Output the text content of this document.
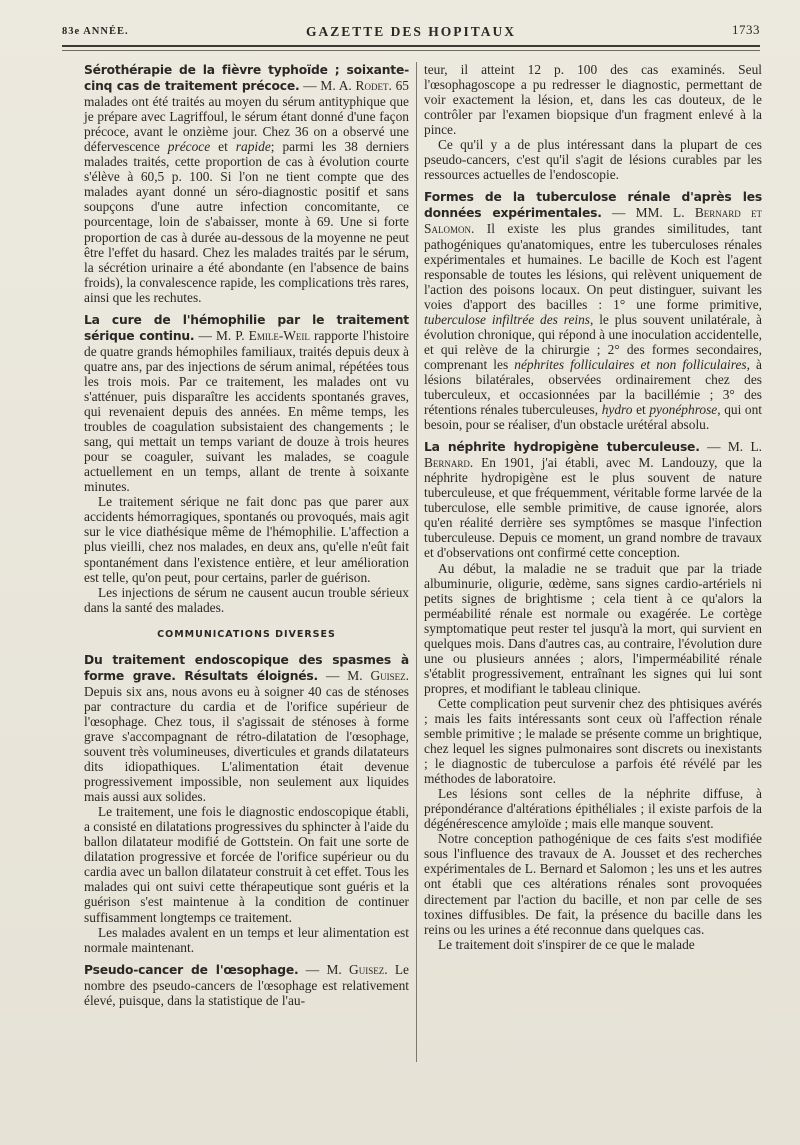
83e ANNÉE.	GAZETTE DES HOPITAUX	1733

Sérothérapie de la fièvre typhoïde ; soixante-cinq cas de traitement précoce. — M. A. Rodet. 65 malades ont été traités au moyen du sérum antityphique que je prépare avec Lagriffoul, le sérum étant donné d'une façon précoce, avant le onzième jour. Chez 36 on a observé une défervescence précoce et rapide; parmi les 38 derniers malades traités, cette proportion de cas à évolution courte s'élève à 60,5 p. 100. Si l'on ne tient compte que des malades ayant donné un séro-diagnostic positif et sans soupçons d'une autre infection concomitante, ce pourcentage, loin de s'abaisser, monte à 69. Une si forte proportion de cas à durée au-dessous de la moyenne ne peut être l'effet du hasard. Chez les malades traités par le sérum, la sécrétion urinaire a été abondante (en l'absence de bains froids), la convalescence rapide, les complications très rares, ainsi que les rechutes.

La cure de l'hémophilie par le traitement sérique continu. — M. P. Emile-Weil rapporte l'histoire de quatre grands hémophiles familiaux, traités depuis deux à quatre ans, par des injections de sérum animal, répétées tous les trois mois. Par ce traitement, les malades ont vu s'atténuer, puis disparaître les accidents spontanés graves, qui revenaient depuis des années. En même temps, les troubles de coagulation subsistaient des changements ; le sang, qui mettait un temps variant de douze à trois heures pour se coaguler, suivant les malades, se coagule actuellement en un temps, allant de trente à soixante minutes.

Le traitement sérique ne fait donc pas que parer aux accidents hémorragiques, spontanés ou provoqués, mais agit sur le vice diathésique même de l'hémophilie. L'affection a plus vieilli, chez nos malades, en deux ans, qu'elle n'eût fait spontanément dans l'existence entière, et leur amélioration est telle, qu'on peut, pour certains, parler de guérison.

Les injections de sérum ne causent aucun trouble sérieux dans la santé des malades.

COMMUNICATIONS DIVERSES

Du traitement endoscopique des spasmes à forme grave. Résultats éloignés. — M. Guisez. Depuis six ans, nous avons eu à soigner 40 cas de sténoses par contracture du cardia et de l'orifice supérieur de l'œsophage. Chez tous, il s'agissait de sténoses à forme grave s'accompagnant de rétro-dilatation de l'œsophage, souvent très volumineuses, diverticules et grands dilatateurs dits idiopathiques. L'alimentation était devenue progressivement impossible, non seulement aux liquides mais aussi aux solides.

Le traitement, une fois le diagnostic endoscopique établi, a consisté en dilatations progressives du sphincter à l'aide du ballon dilatateur modifié de Gottstein. On fait une sorte de dilatation progressive et forcée de l'orifice supérieur ou du cardia avec un ballon dilatateur construit à cet effet. Tous les malades qui ont suivi cette thérapeutique sont guéris et la guérison s'est maintenue à la condition de continuer suffisamment longtemps ce traitement.

Les malades avalent en un temps et leur alimentation est normale maintenant.

Pseudo-cancer de l'œsophage. — M. Guisez. Le nombre des pseudo-cancers de l'œsophage est relativement élevé, puisque, dans la statistique de l'au-

teur, il atteint 12 p. 100 des cas examinés. Seul l'œsophagoscope a pu redresser le diagnostic, permettant de voir exactement la lésion, et, dans les cas douteux, de le contrôler par l'examen biopsique d'un fragment enlevé à la pince.

Ce qu'il y a de plus intéressant dans la plupart de ces pseudo-cancers, c'est qu'il s'agit de lésions curables par les ressources actuelles de l'endoscopie.

Formes de la tuberculose rénale d'après les données expérimentales. — MM. L. Bernard et Salomon. Il existe les plus grandes similitudes, tant pathogéniques qu'anatomiques, entre les tuberculoses rénales expérimentales et humaines. Le bacille de Koch est l'agent responsable de toutes les lésions, qui relèvent uniquement de l'action des poisons locaux. On peut distinguer, suivant les voies d'apport des bacilles : 1° une forme primitive, tuberculose infiltrée des reins, le plus souvent unilatérale, à évolution chronique, qui répond à une inoculation accidentelle, et qui relève de la chirurgie ; 2° des formes secondaires, comprenant les néphrites folliculaires et non folliculaires, à lésions bilatérales, observées ordinairement chez des tuberculeux, et occasionnées par la bacillémie ; 3° des rétentions rénales tuberculeuses, hydro et pyonéphrose, qui ont besoin, pour se réaliser, d'un obstacle urétéral absolu.

La néphrite hydropigène tuberculeuse. — M. L. Bernard. En 1901, j'ai établi, avec M. Landouzy, que la néphrite hydropigène est le plus souvent de nature tuberculeuse, et que fréquemment, véritable forme larvée de la tuberculose, elle semble primitive, de cause ignorée, alors qu'en réalité derrière ses symptômes se masque l'infection tuberculeuse. Depuis ce moment, un grand nombre de travaux et d'observations ont confirmé cette conception.

Au début, la maladie ne se traduit que par la triade albuminurie, oligurie, œdème, sans signes cardio-artériels ni petits signes de brightisme ; cela tient à ce qu'alors la perméabilité rénale est normale ou exagérée. Le cortège symptomatique peut rester tel jusqu'à la mort, qui survient en quelques mois. Dans d'autres cas, au contraire, l'évolution dure une ou plusieurs années ; alors, l'imperméabilité rénale s'établit progressivement, entraînant les signes qui lui sont propres, et modifiant le tableau clinique.

Cette complication peut survenir chez des phtisiques avérés ; mais les faits intéressants sont ceux où l'affection rénale semble primitive ; le malade se présente comme un brightique, chez lequel les signes pulmonaires sont discrets ou inexistants ; le diagnostic de tuberculose a parfois été révélé par les méthodes de laboratoire.

Les lésions sont celles de la néphrite diffuse, à prépondérance d'altérations épithéliales ; il existe parfois de la dégénérescence amyloïde ; mais elle manque souvent.

Notre conception pathogénique de ces faits s'est modifiée sous l'influence des travaux de A. Jousset et des recherches expérimentales de L. Bernard et Salomon ; les uns et les autres ont établi que ces altérations rénales sont provoquées directement par l'action du bacille, et non par celle de ses toxines diffusibles. De fait, la présence du bacille dans les reins ou les urines a été reconnue dans quelques cas.

Le traitement doit s'inspirer de ce que le malade
